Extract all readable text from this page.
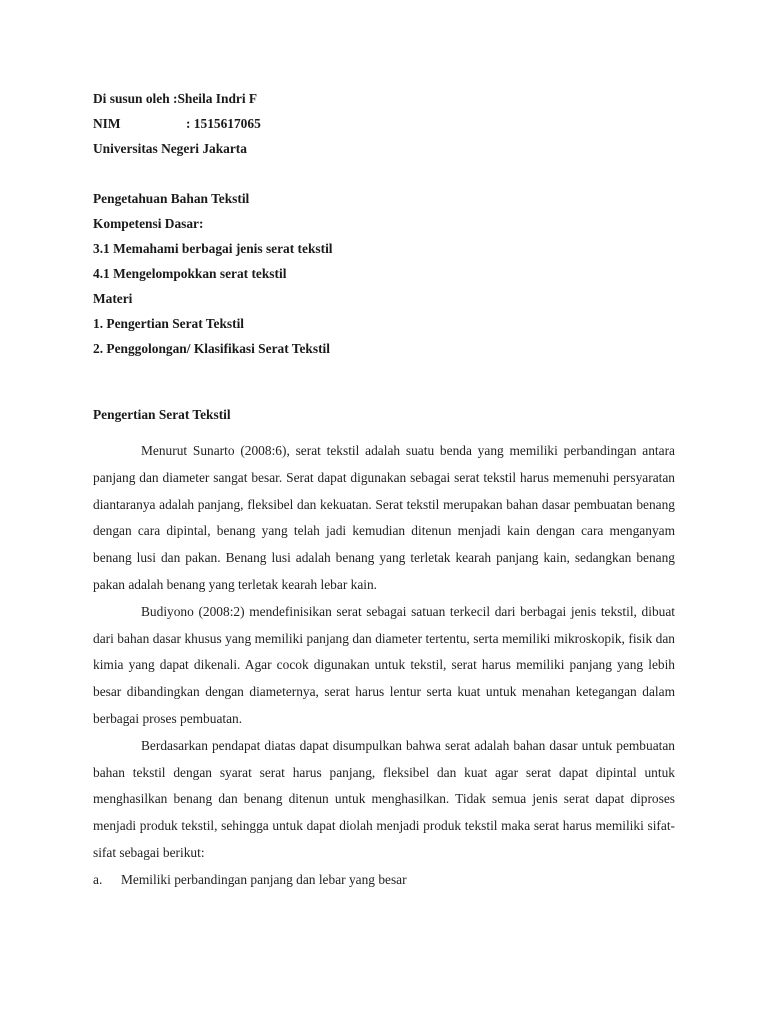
Di susun oleh :Sheila Indri F
NIM	: 1515617065
Universitas Negeri Jakarta
Pengetahuan Bahan Tekstil
Kompetensi Dasar:
3.1 Memahami berbagai jenis serat tekstil
4.1 Mengelompokkan serat tekstil
Materi
1. Pengertian Serat Tekstil
2. Penggolongan/ Klasifikasi Serat Tekstil
Pengertian Serat Tekstil

Menurut Sunarto (2008:6), serat tekstil adalah suatu benda yang memiliki perbandingan antara panjang dan diameter sangat besar. Serat dapat digunakan sebagai serat tekstil harus memenuhi persyaratan diantaranya adalah panjang, fleksibel dan kekuatan. Serat tekstil merupakan bahan dasar pembuatan benang dengan cara dipintal, benang yang telah jadi kemudian ditenun menjadi kain dengan cara menganyam benang lusi dan pakan. Benang lusi adalah benang yang terletak kearah panjang kain, sedangkan benang pakan adalah benang yang terletak kearah lebar kain.

Budiyono (2008:2) mendefinisikan serat sebagai satuan terkecil dari berbagai jenis tekstil, dibuat dari bahan dasar khusus yang memiliki panjang dan diameter tertentu, serta memiliki mikroskopik, fisik dan kimia yang dapat dikenali. Agar cocok digunakan untuk tekstil, serat harus memiliki panjang yang lebih besar dibandingkan dengan diameternya, serat harus lentur serta kuat untuk menahan ketegangan dalam berbagai proses pembuatan.

Berdasarkan pendapat diatas dapat disumpulkan bahwa serat adalah bahan dasar untuk pembuatan bahan tekstil dengan syarat serat harus panjang, fleksibel dan kuat agar serat dapat dipintal untuk menghasilkan benang dan benang ditenun untuk menghasilkan. Tidak semua jenis serat dapat diproses menjadi produk tekstil, sehingga untuk dapat diolah menjadi produk tekstil maka serat harus memiliki sifat-sifat sebagai berikut:

a.	Memiliki perbandingan panjang dan lebar yang besar
